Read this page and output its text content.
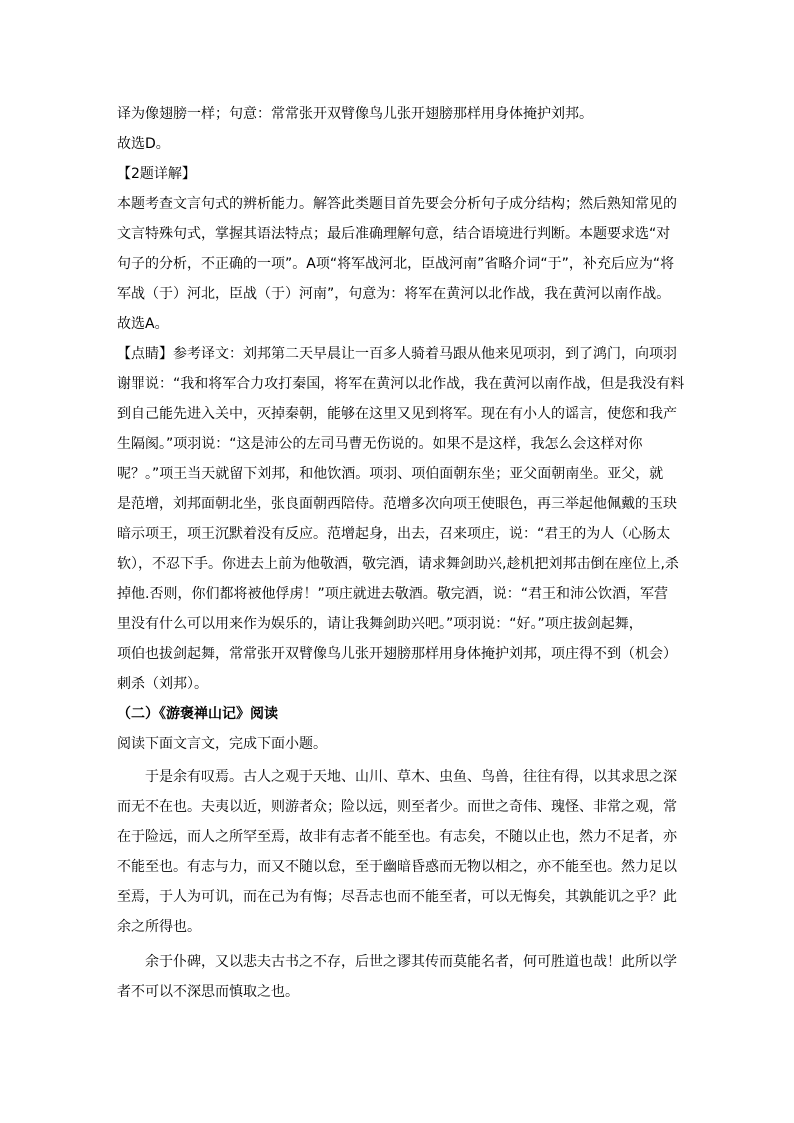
译为像翅膀一样；句意：常常张开双臂像鸟儿张开翅膀那样用身体掩护刘邦。
故选D。
【2题详解】
本题考查文言句式的辨析能力。解答此类题目首先要会分析句子成分结构；然后熟知常见的
文言特殊句式，掌握其语法特点；最后准确理解句意，结合语境进行判断。本题要求选“对
句子的分析，不正确的一项”。A项“将军战河北，臣战河南”省略介词“于”，补充后应为“将
军战（于）河北，臣战（于）河南”，句意为：将军在黄河以北作战，我在黄河以南作战。
故选A。
【点睛】参考译文：刘邦第二天早晨让一百多人骑着马跟从他来见项羽，到了鸿门，向项羽
谢罪说：“我和将军合力攻打秦国，将军在黄河以北作战，我在黄河以南作战，但是我没有料
到自己能先进入关中，灭掉秦朝，能够在这里又见到将军。现在有小人的谣言，使您和我产
生隔阂。”项羽说：“这是沛公的左司马曹无伤说的。如果不是这样，我怎么会这样对你
呢？。”项王当天就留下刘邦，和他饮酒。项羽、项伯面朝东坐；亚父面朝南坐。亚父，就
是范增，刘邦面朝北坐，张良面朝西陪侍。范增多次向项王使眼色，再三举起他佩戴的玉玦
暗示项王，项王沉默着没有反应。范增起身，出去，召来项庄，说：“君王的为人（心肠太
软），不忍下手。你进去上前为他敬酒，敬完酒，请求舞剑助兴,趁机把刘邦击倒在座位上,杀
掉他.否则，你们都将被他俘虏！”项庄就进去敬酒。敬完酒，说：“君王和沛公饮酒，军营
里没有什么可以用来作为娱乐的，请让我舞剑助兴吧。”项羽说：“好。”项庄拔剑起舞，
项伯也拔剑起舞，常常张开双臂像鸟儿张开翅膀那样用身体掩护刘邦，项庄得不到（机会）
刺杀（刘邦）。
（二）《游褒禅山记》阅读
阅读下面文言文，完成下面小题。
于是余有叹焉。古人之观于天地、山川、草木、虫鱼、鸟兽，往往有得，以其求思之深
而无不在也。夫夷以近，则游者众；险以远，则至者少。而世之奇伟、瑰怪、非常之观，常
在于险远，而人之所罕至焉，故非有志者不能至也。有志矣，不随以止也，然力不足者，亦
不能至也。有志与力，而又不随以怠，至于幽暗昏惑而无物以相之，亦不能至也。然力足以
至焉，于人为可讥，而在己为有悔；尽吾志也而不能至者，可以无悔矣，其孰能讥之乎？此
余之所得也。
余于仆碑，又以悲夫古书之不存，后世之谬其传而莫能名者，何可胜道也哉！此所以学
者不可以不深思而慎取之也。
